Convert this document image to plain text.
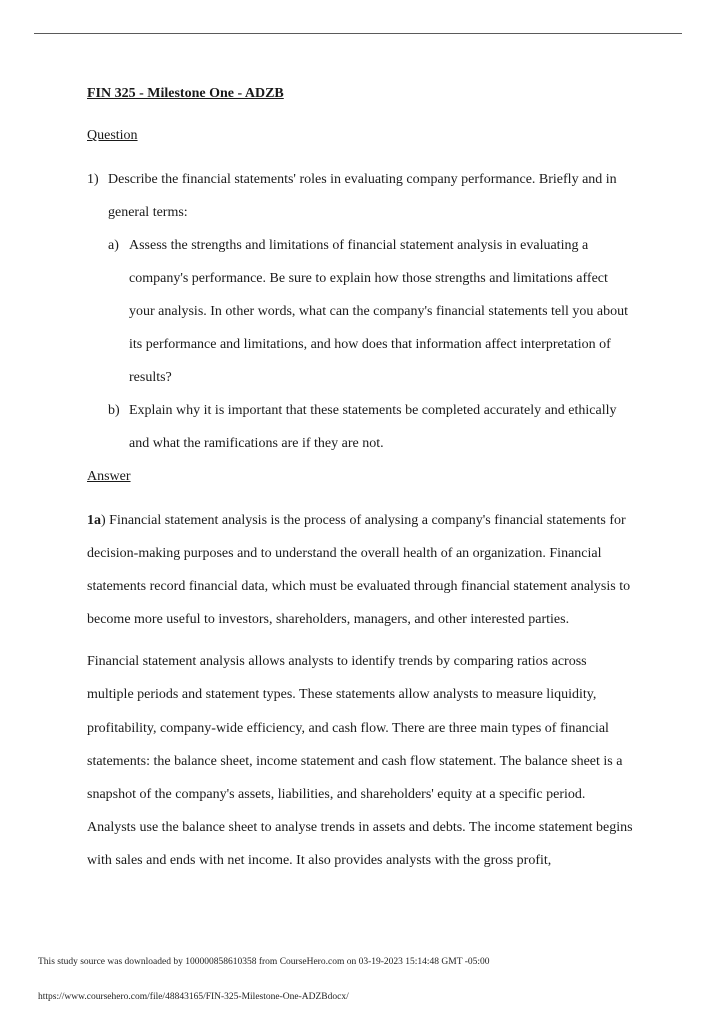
FIN 325 - Milestone One - ADZB
Question
1) Describe the financial statements' roles in evaluating company performance. Briefly and in general terms:
a) Assess the strengths and limitations of financial statement analysis in evaluating a company's performance. Be sure to explain how those strengths and limitations affect your analysis. In other words, what can the company's financial statements tell you about its performance and limitations, and how does that information affect interpretation of results?
b) Explain why it is important that these statements be completed accurately and ethically and what the ramifications are if they are not.
Answer

1a) Financial statement analysis is the process of analysing a company's financial statements for decision-making purposes and to understand the overall health of an organization. Financial statements record financial data, which must be evaluated through financial statement analysis to become more useful to investors, shareholders, managers, and other interested parties.

Financial statement analysis allows analysts to identify trends by comparing ratios across multiple periods and statement types. These statements allow analysts to measure liquidity, profitability, company-wide efficiency, and cash flow. There are three main types of financial statements: the balance sheet, income statement and cash flow statement. The balance sheet is a snapshot of the company's assets, liabilities, and shareholders' equity at a specific period. Analysts use the balance sheet to analyse trends in assets and debts. The income statement begins with sales and ends with net income. It also provides analysts with the gross profit,

This study source was downloaded by 100000858610358 from CourseHero.com on 03-19-2023 15:14:48 GMT -05:00
https://www.coursehero.com/file/48843165/FIN-325-Milestone-One-ADZBdocx/
